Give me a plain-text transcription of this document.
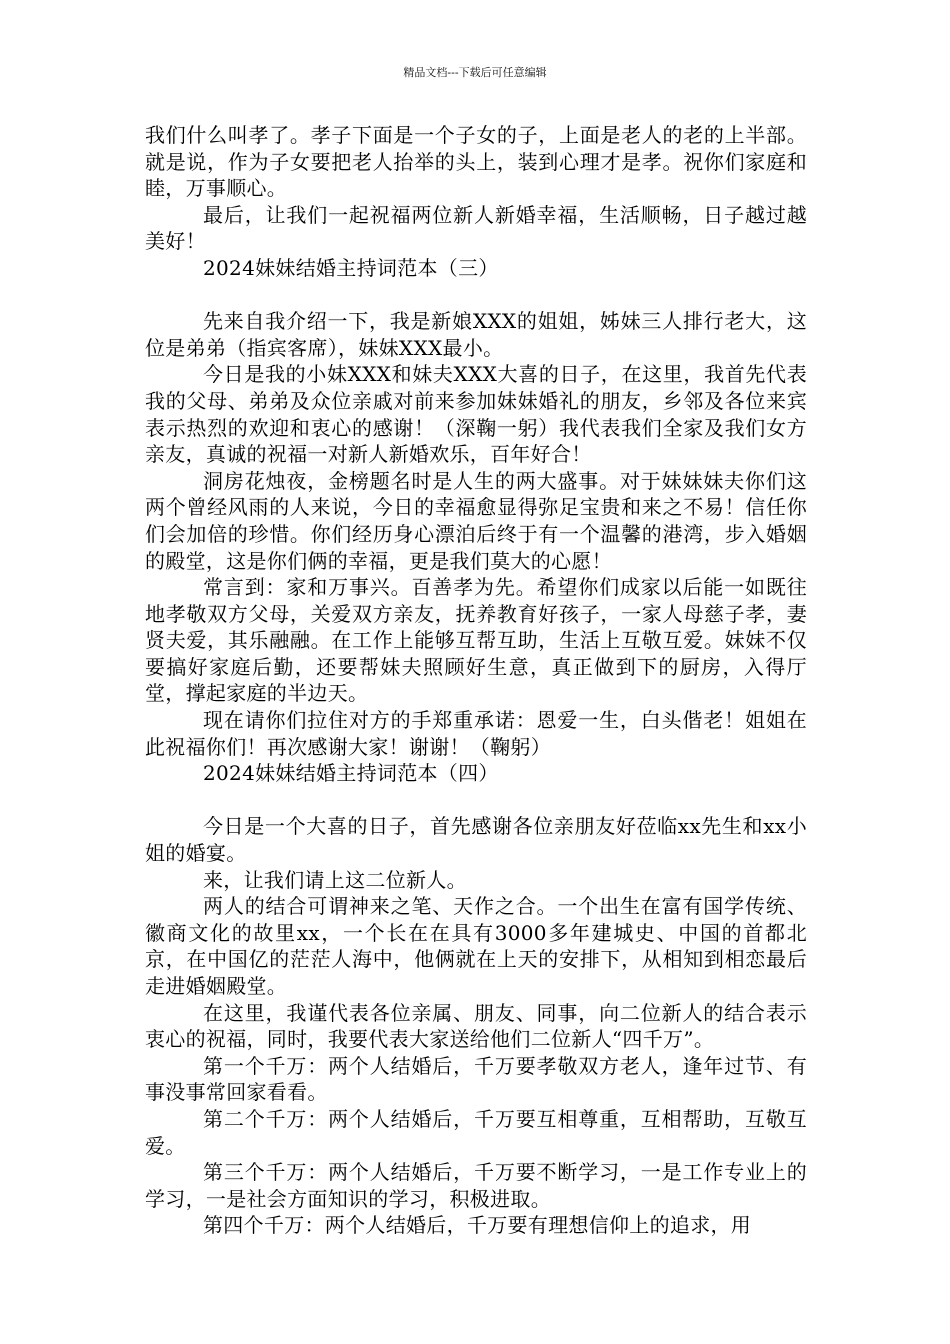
精品文档---下载后可任意编辑

我们什么叫孝了。孝子下面是一个子女的子，上面是老人的老的上半部。就是说，作为子女要把老人抬举的头上，装到心理才是孝。祝你们家庭和睦，万事顺心。

最后，让我们一起祝福两位新人新婚幸福，生活顺畅，日子越过越美好！

2024妹妹结婚主持词范本（三）

先来自我介绍一下，我是新娘XXX的姐姐，姊妹三人排行老大，这位是弟弟（指宾客席），妹妹XXX最小。

今日是我的小妹XXX和妹夫XXX大喜的日子，在这里，我首先代表我的父母、弟弟及众位亲戚对前来参加妹妹婚礼的朋友，乡邻及各位来宾表示热烈的欢迎和衷心的感谢！（深鞠一躬）我代表我们全家及我们女方亲友，真诚的祝福一对新人新婚欢乐，百年好合！

洞房花烛夜，金榜题名时是人生的两大盛事。对于妹妹妹夫你们这两个曾经风雨的人来说，今日的幸福愈显得弥足宝贵和来之不易！信任你们会加倍的珍惜。你们经历身心漂泊后终于有一个温馨的港湾，步入婚姻的殿堂，这是你们俩的幸福，更是我们莫大的心愿！

常言到：家和万事兴。百善孝为先。希望你们成家以后能一如既往地孝敬双方父母，关爱双方亲友，抚养教育好孩子，一家人母慈子孝，妻贤夫爱，其乐融融。在工作上能够互帮互助，生活上互敬互爱。妹妹不仅要搞好家庭后勤，还要帮妹夫照顾好生意，真正做到下的厨房，入得厅堂，撑起家庭的半边天。

现在请你们拉住对方的手郑重承诺：恩爱一生，白头偕老！姐姐在此祝福你们！再次感谢大家！谢谢！（鞠躬）

2024妹妹结婚主持词范本（四）

今日是一个大喜的日子，首先感谢各位亲朋友好莅临xx先生和xx小姐的婚宴。

来，让我们请上这二位新人。

两人的结合可谓神来之笔、天作之合。一个出生在富有国学传统、徽商文化的故里xx，一个长在在具有3000多年建城史、中国的首都北京，在中国亿的茫茫人海中，他俩就在上天的安排下，从相知到相恋最后走进婚姻殿堂。

在这里，我谨代表各位亲属、朋友、同事，向二位新人的结合表示衷心的祝福，同时，我要代表大家送给他们二位新人“四千万”。

第一个千万：两个人结婚后，千万要孝敬双方老人，逢年过节、有事没事常回家看看。

第二个千万：两个人结婚后，千万要互相尊重，互相帮助，互敬互爱。

第三个千万：两个人结婚后，千万要不断学习，一是工作专业上的学习，一是社会方面知识的学习，积极进取。

第四个千万：两个人结婚后，千万要有理想信仰上的追求，用
